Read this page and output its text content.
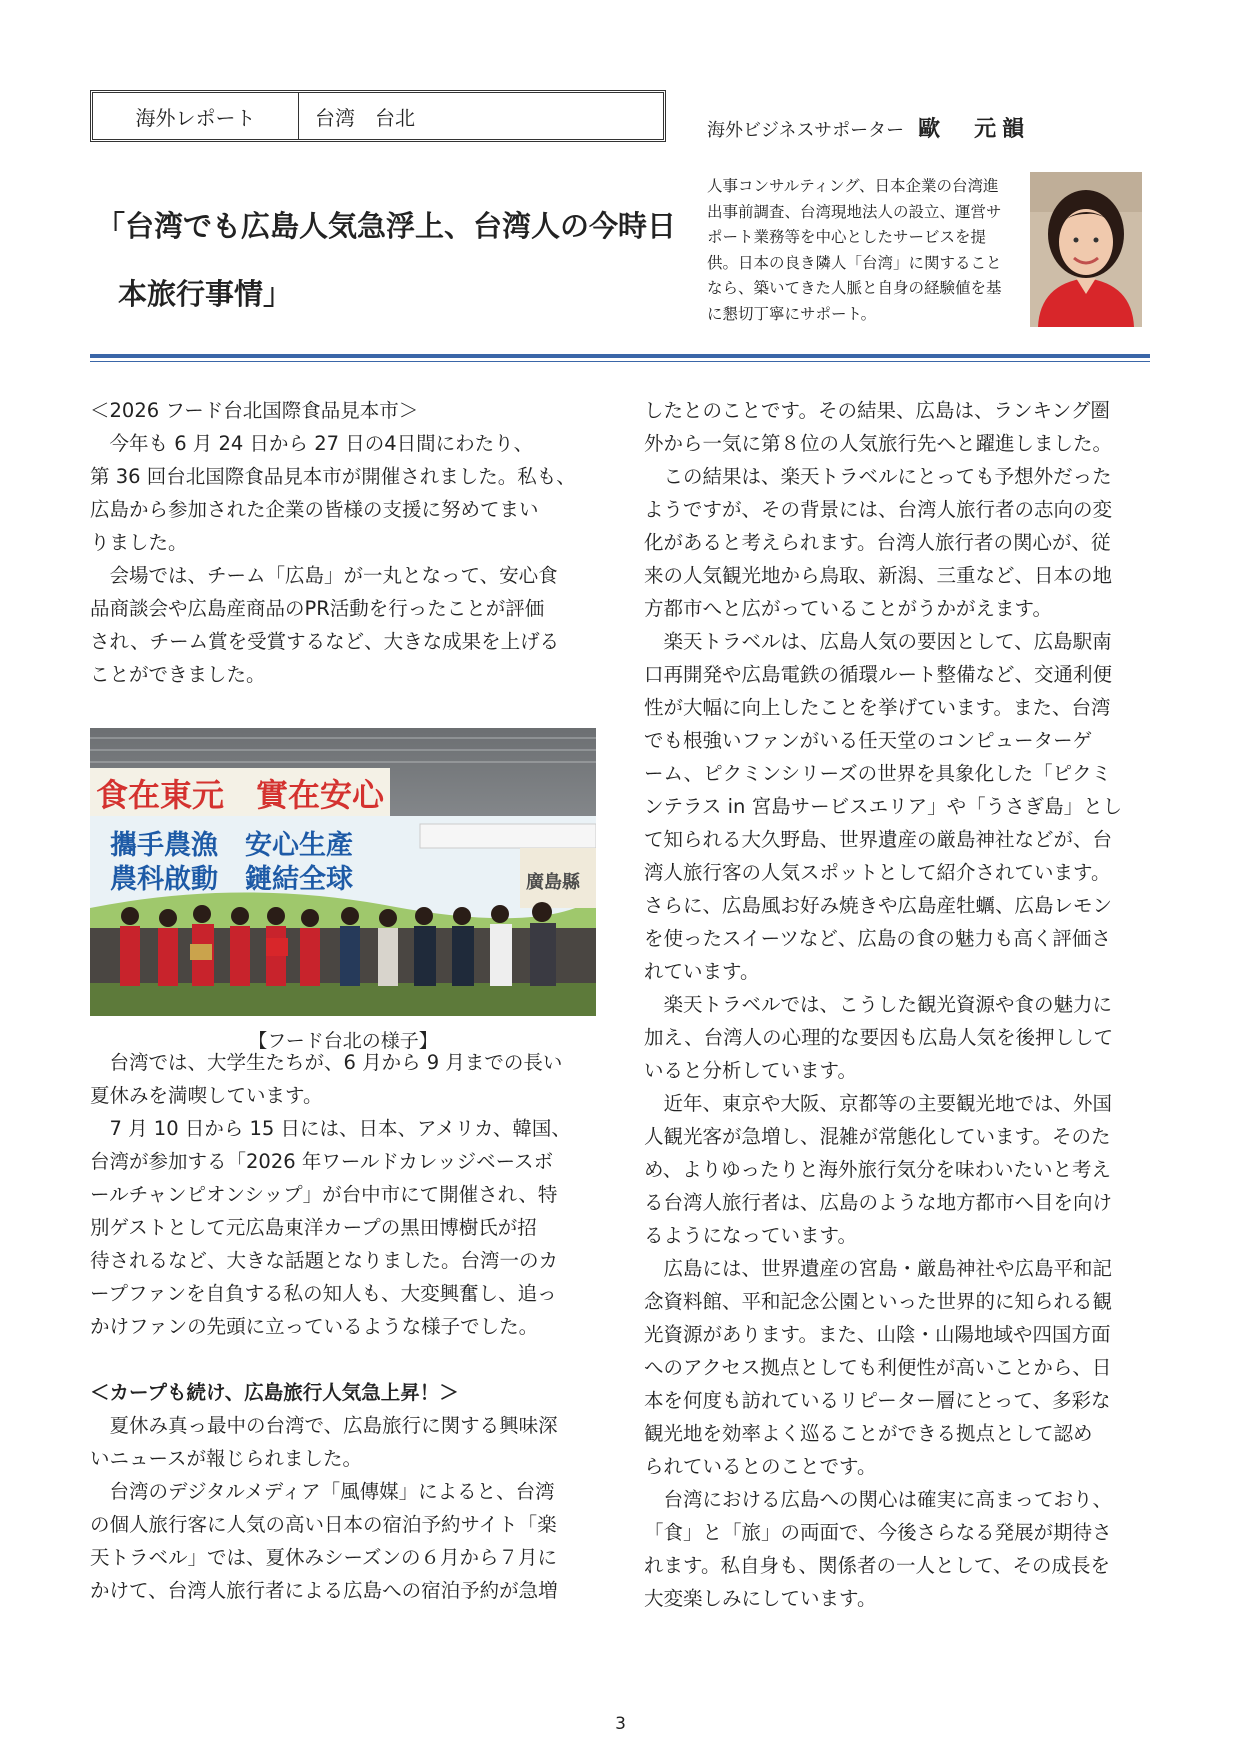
海外レポート	台湾　台北
海外ビジネスサポーター 歐　元韻
「台湾でも広島人気急浮上、台湾人の今時日
本旅行事情」
人事コンサルティング、日本企業の台湾進
出事前調査、台湾現地法人の設立、運営サ
ポート業務等を中心としたサービスを提
供。日本の良き隣人「台湾」に関すること
なら、築いてきた人脈と自身の経験値を基
に懇切丁寧にサポート。

＜2026 フード台北国際食品見本市＞

今年も 6 月 24 日から 27 日の4日間にわたり、

第 36 回台北国際食品見本市が開催されました。私も、

広島から参加された企業の皆様の支援に努めてまい

りました。

会場では、チーム「広島」が一丸となって、安心食

品商談会や広島産商品のPR活動を行ったことが評価

され、チーム賞を受賞するなど、大きな成果を上げる

ことができました。

食在東元　實在安心
攜手農漁　安心生產
農科啟動　鏈結全球	廣島縣
【フード台北の様子】

台湾では、大学生たちが、6 月から 9 月までの長い

夏休みを満喫しています。

7 月 10 日から 15 日には、日本、アメリカ、韓国、

台湾が参加する「2026 年ワールドカレッジベースボ

ールチャンピオンシップ」が台中市にて開催され、特

別ゲストとして元広島東洋カープの黒田博樹氏が招

待されるなど、大きな話題となりました。台湾一のカ

ープファンを自負する私の知人も、大変興奮し、追っ

かけファンの先頭に立っているような様子でした。

＜カープも続け、広島旅行人気急上昇！＞

夏休み真っ最中の台湾で、広島旅行に関する興味深

いニュースが報じられました。

台湾のデジタルメディア「風傳媒」によると、台湾

の個人旅行客に人気の高い日本の宿泊予約サイト「楽

天トラベル」では、夏休みシーズンの６月から７月に

かけて、台湾人旅行者による広島への宿泊予約が急増

したとのことです。その結果、広島は、ランキング圏

外から一気に第８位の人気旅行先へと躍進しました。

この結果は、楽天トラベルにとっても予想外だった

ようですが、その背景には、台湾人旅行者の志向の変

化があると考えられます。台湾人旅行者の関心が、従

来の人気観光地から鳥取、新潟、三重など、日本の地

方都市へと広がっていることがうかがえます。

楽天トラベルは、広島人気の要因として、広島駅南

口再開発や広島電鉄の循環ルート整備など、交通利便

性が大幅に向上したことを挙げています。また、台湾

でも根強いファンがいる任天堂のコンピューターゲ

ーム、ピクミンシリーズの世界を具象化した「ピクミ

ンテラス in 宮島サービスエリア」や「うさぎ島」とし

て知られる大久野島、世界遺産の厳島神社などが、台

湾人旅行客の人気スポットとして紹介されています。

さらに、広島風お好み焼きや広島産牡蠣、広島レモン

を使ったスイーツなど、広島の食の魅力も高く評価さ

れています。

楽天トラベルでは、こうした観光資源や食の魅力に

加え、台湾人の心理的な要因も広島人気を後押しして

いると分析しています。

近年、東京や大阪、京都等の主要観光地では、外国

人観光客が急増し、混雑が常態化しています。そのた

め、よりゆったりと海外旅行気分を味わいたいと考え

る台湾人旅行者は、広島のような地方都市へ目を向け

るようになっています。

広島には、世界遺産の宮島・厳島神社や広島平和記

念資料館、平和記念公園といった世界的に知られる観

光資源があります。また、山陰・山陽地域や四国方面

へのアクセス拠点としても利便性が高いことから、日

本を何度も訪れているリピーター層にとって、多彩な

観光地を効率よく巡ることができる拠点として認め

られているとのことです。

台湾における広島への関心は確実に高まっており、

「食」と「旅」の両面で、今後さらなる発展が期待さ

れます。私自身も、関係者の一人として、その成長を

大変楽しみにしています。

3
